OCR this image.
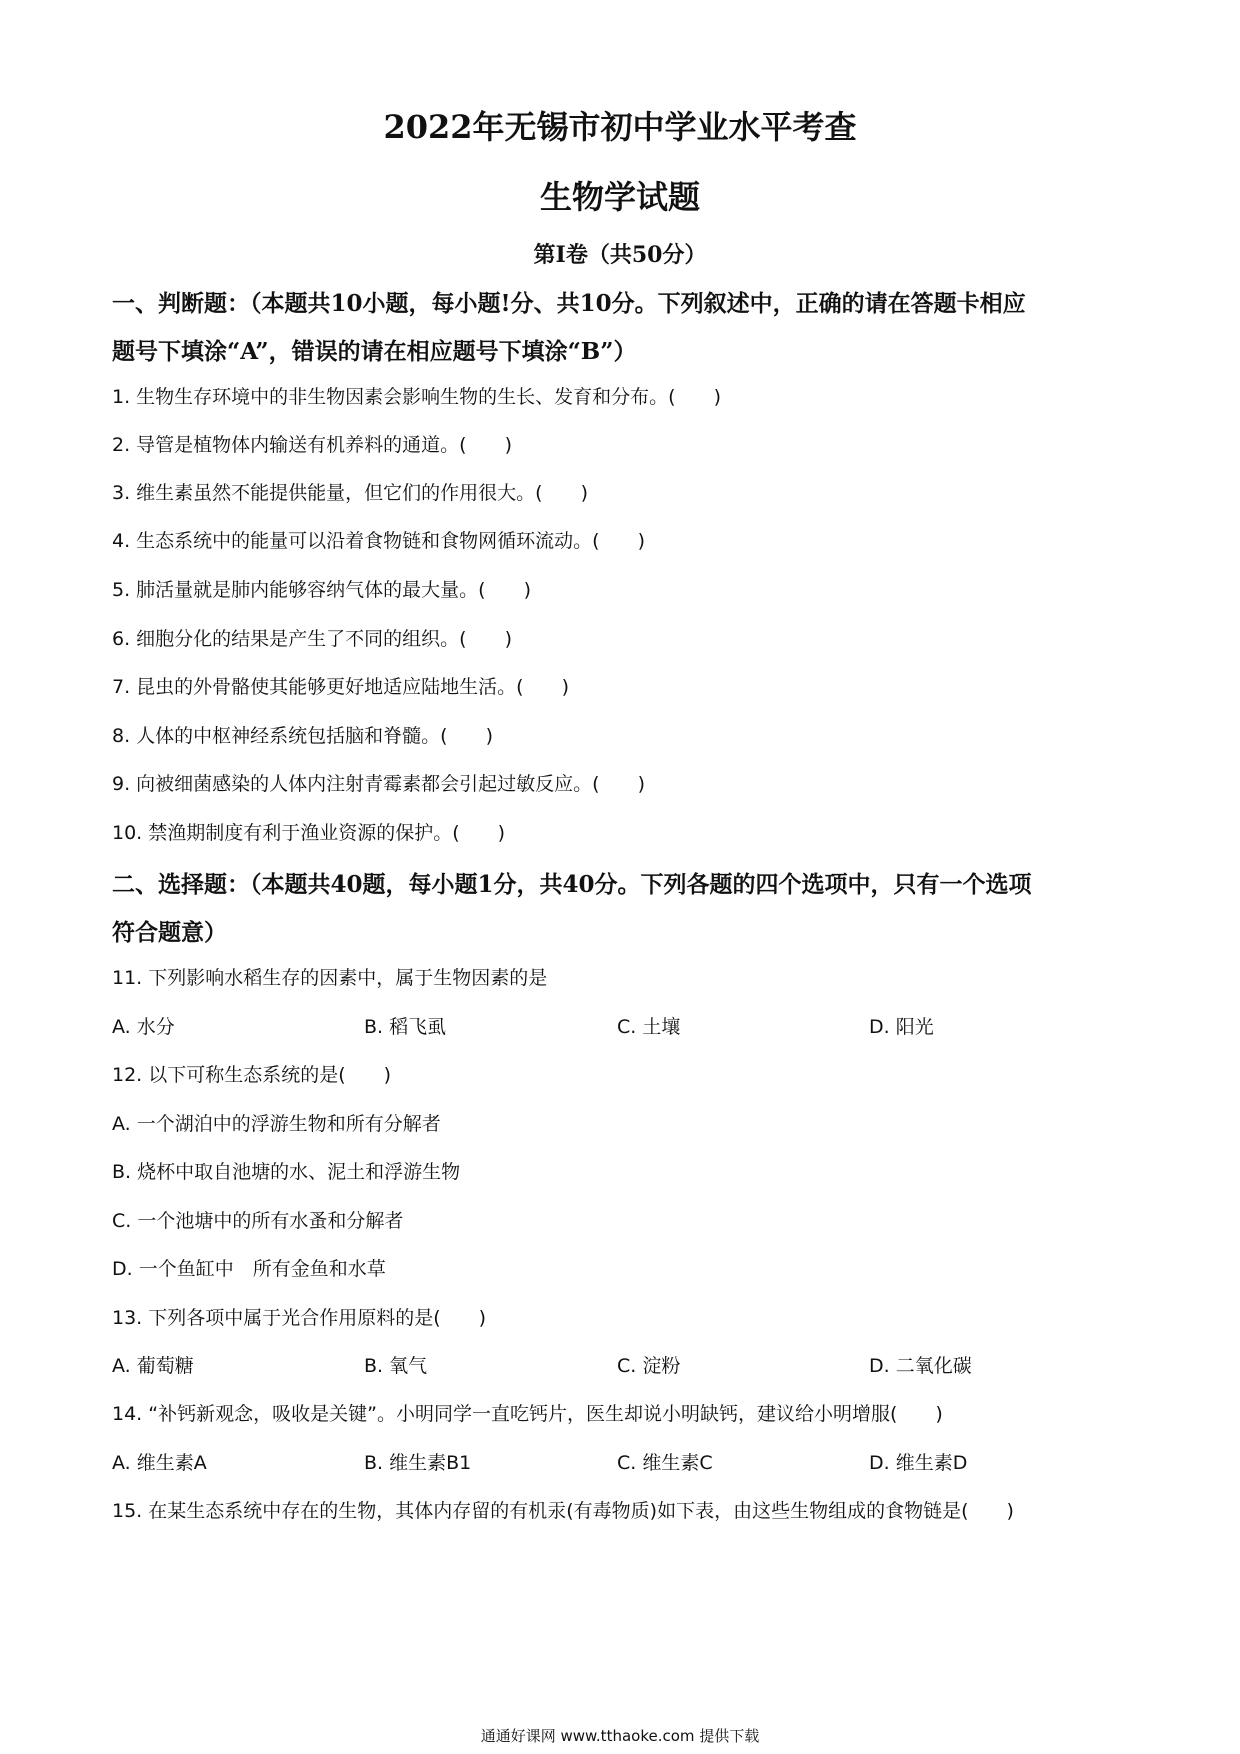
2022年无锡市初中学业水平考查
生物学试题
第Ⅰ卷（共50分）
一、判断题：（本题共10小题，每小题!分、共10分。下列叙述中，正确的请在答题卡相应
题号下填涂“A”，错误的请在相应题号下填涂“B”）
1. 生物生存环境中的非生物因素会影响生物的生长、发育和分布。(　　)
2. 导管是植物体内输送有机养料的通道。(　　)
3. 维生素虽然不能提供能量，但它们的作用很大。(　　)
4. 生态系统中的能量可以沿着食物链和食物网循环流动。(　　)
5. 肺活量就是肺内能够容纳气体的最大量。(　　)
6. 细胞分化的结果是产生了不同的组织。(　　)
7. 昆虫的外骨骼使其能够更好地适应陆地生活。(　　)
8. 人体的中枢神经系统包括脑和脊髓。(　　)
9. 向被细菌感染的人体内注射青霉素都会引起过敏反应。(　　)
10. 禁渔期制度有利于渔业资源的保护。(　　)
二、选择题：（本题共40题，每小题1分，共40分。下列各题的四个选项中，只有一个选项
符合题意）
11. 下列影响水稻生存的因素中，属于生物因素的是
A. 水分	B. 稻飞虱	C. 土壤	D. 阳光
12. 以下可称生态系统的是(　　)
A. 一个湖泊中的浮游生物和所有分解者
B. 烧杯中取自池塘的水、泥土和浮游生物
C. 一个池塘中的所有水蚤和分解者
D. 一个鱼缸中　所有金鱼和水草
13. 下列各项中属于光合作用原料的是(　　)
A. 葡萄糖	B. 氧气	C. 淀粉	D. 二氧化碳
14. “补钙新观念，吸收是关键”。小明同学一直吃钙片，医生却说小明缺钙，建议给小明增服(　　)
A. 维生素A	B. 维生素B1	C. 维生素C	D. 维生素D
15. 在某生态系统中存在的生物，其体内存留的有机汞(有毒物质)如下表，由这些生物组成的食物链是(　　)
通通好课网 www.tthaoke.com 提供下载
